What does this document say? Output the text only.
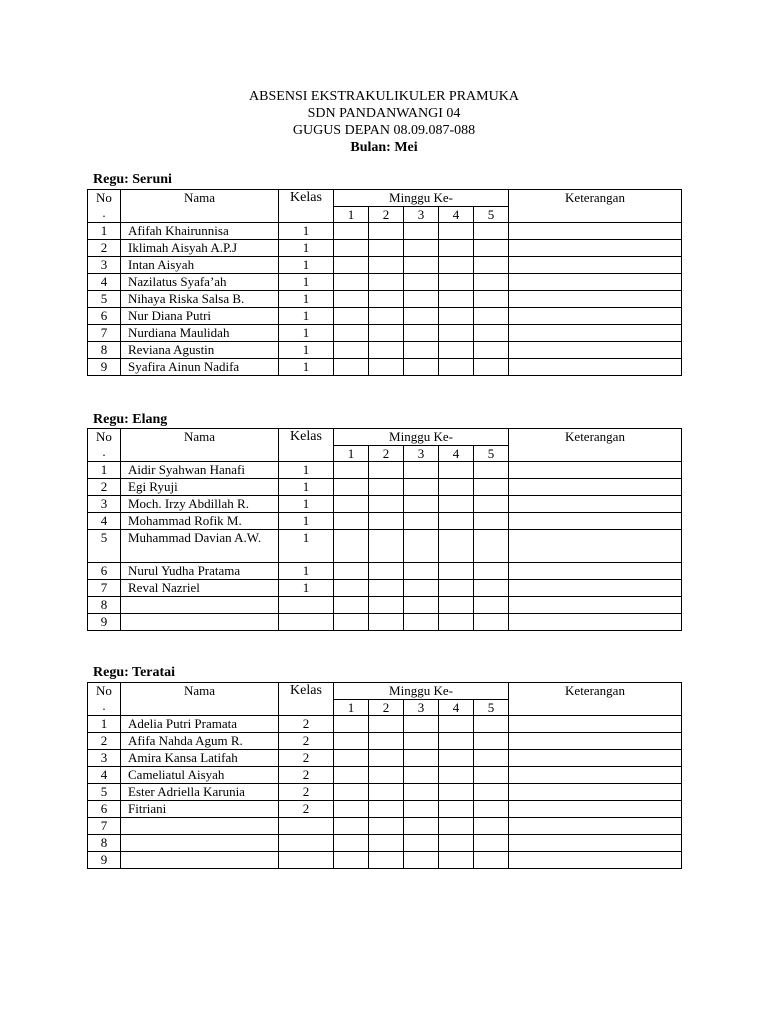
ABSENSI EKSTRAKULIKULER PRAMUKA
SDN PANDANWANGI 04
GUGUS DEPAN 08.09.087-088
Bulan: Mei
Regu: Seruni
No
.	Nama	Kelas	Minggu Ke-					Keterangan
			1	2	3	4	5	
1	Afifah Khairunnisa	1						
2	Iklimah Aisyah A.P.J	1						
3	Intan Aisyah	1						
4	Nazilatus Syafa’ah	1						
5	Nihaya Riska Salsa B.	1						
6	Nur Diana Putri	1						
7	Nurdiana Maulidah	1						
8	Reviana Agustin	1						
9	Syafira Ainun Nadifa	1						
Regu: Elang
No
.	Nama	Kelas	Minggu Ke-					Keterangan
			1	2	3	4	5	
1	Aidir Syahwan Hanafi	1						
2	Egi Ryuji	1						
3	Moch. Irzy Abdillah R.	1						
4	Mohammad Rofik M.	1						
5	Muhammad Davian A.W.	1						
6	Nurul Yudha Pratama	1						
7	Reval Nazriel	1						
8								
9								
Regu: Teratai
No
.	Nama	Kelas	Minggu Ke-					Keterangan
			1	2	3	4	5	
1	Adelia Putri Pramata	2						
2	Afifa Nahda Agum R.	2						
3	Amira Kansa Latifah	2						
4	Cameliatul Aisyah	2						
5	Ester Adriella Karunia	2						
6	Fitriani	2						
7								
8								
9								
